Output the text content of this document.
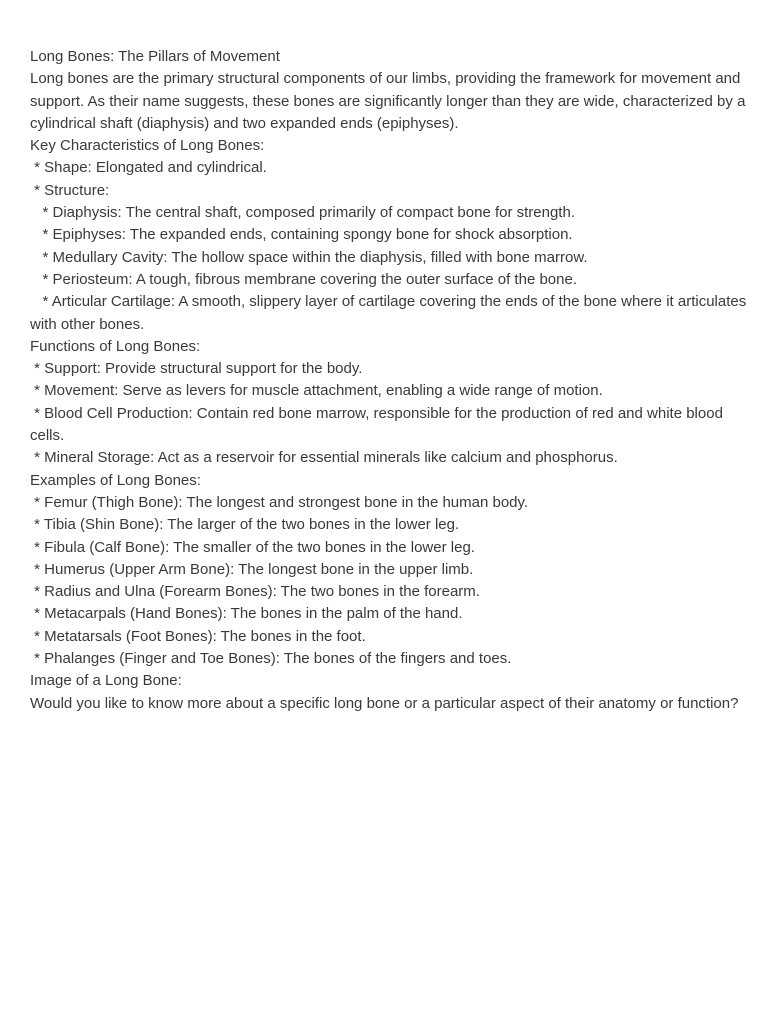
Long Bones: The Pillars of Movement

Long bones are the primary structural components of our limbs, providing the framework for movement and support. As their name suggests, these bones are significantly longer than they are wide, characterized by a cylindrical shaft (diaphysis) and two expanded ends (epiphyses).

Key Characteristics of Long Bones:

* Shape: Elongated and cylindrical.

* Structure:

* Diaphysis: The central shaft, composed primarily of compact bone for strength.

* Epiphyses: The expanded ends, containing spongy bone for shock absorption.

* Medullary Cavity: The hollow space within the diaphysis, filled with bone marrow.

* Periosteum: A tough, fibrous membrane covering the outer surface of the bone.

* Articular Cartilage: A smooth, slippery layer of cartilage covering the ends of the bone where it articulates with other bones.

Functions of Long Bones:

* Support: Provide structural support for the body.

* Movement: Serve as levers for muscle attachment, enabling a wide range of motion.

* Blood Cell Production: Contain red bone marrow, responsible for the production of red and white blood cells.

* Mineral Storage: Act as a reservoir for essential minerals like calcium and phosphorus.

Examples of Long Bones:

* Femur (Thigh Bone): The longest and strongest bone in the human body.

* Tibia (Shin Bone): The larger of the two bones in the lower leg.

* Fibula (Calf Bone): The smaller of the two bones in the lower leg.

* Humerus (Upper Arm Bone): The longest bone in the upper limb.

* Radius and Ulna (Forearm Bones): The two bones in the forearm.

* Metacarpals (Hand Bones): The bones in the palm of the hand.

* Metatarsals (Foot Bones): The bones in the foot.

* Phalanges (Finger and Toe Bones): The bones of the fingers and toes.

Image of a Long Bone:

Would you like to know more about a specific long bone or a particular aspect of their anatomy or function?
